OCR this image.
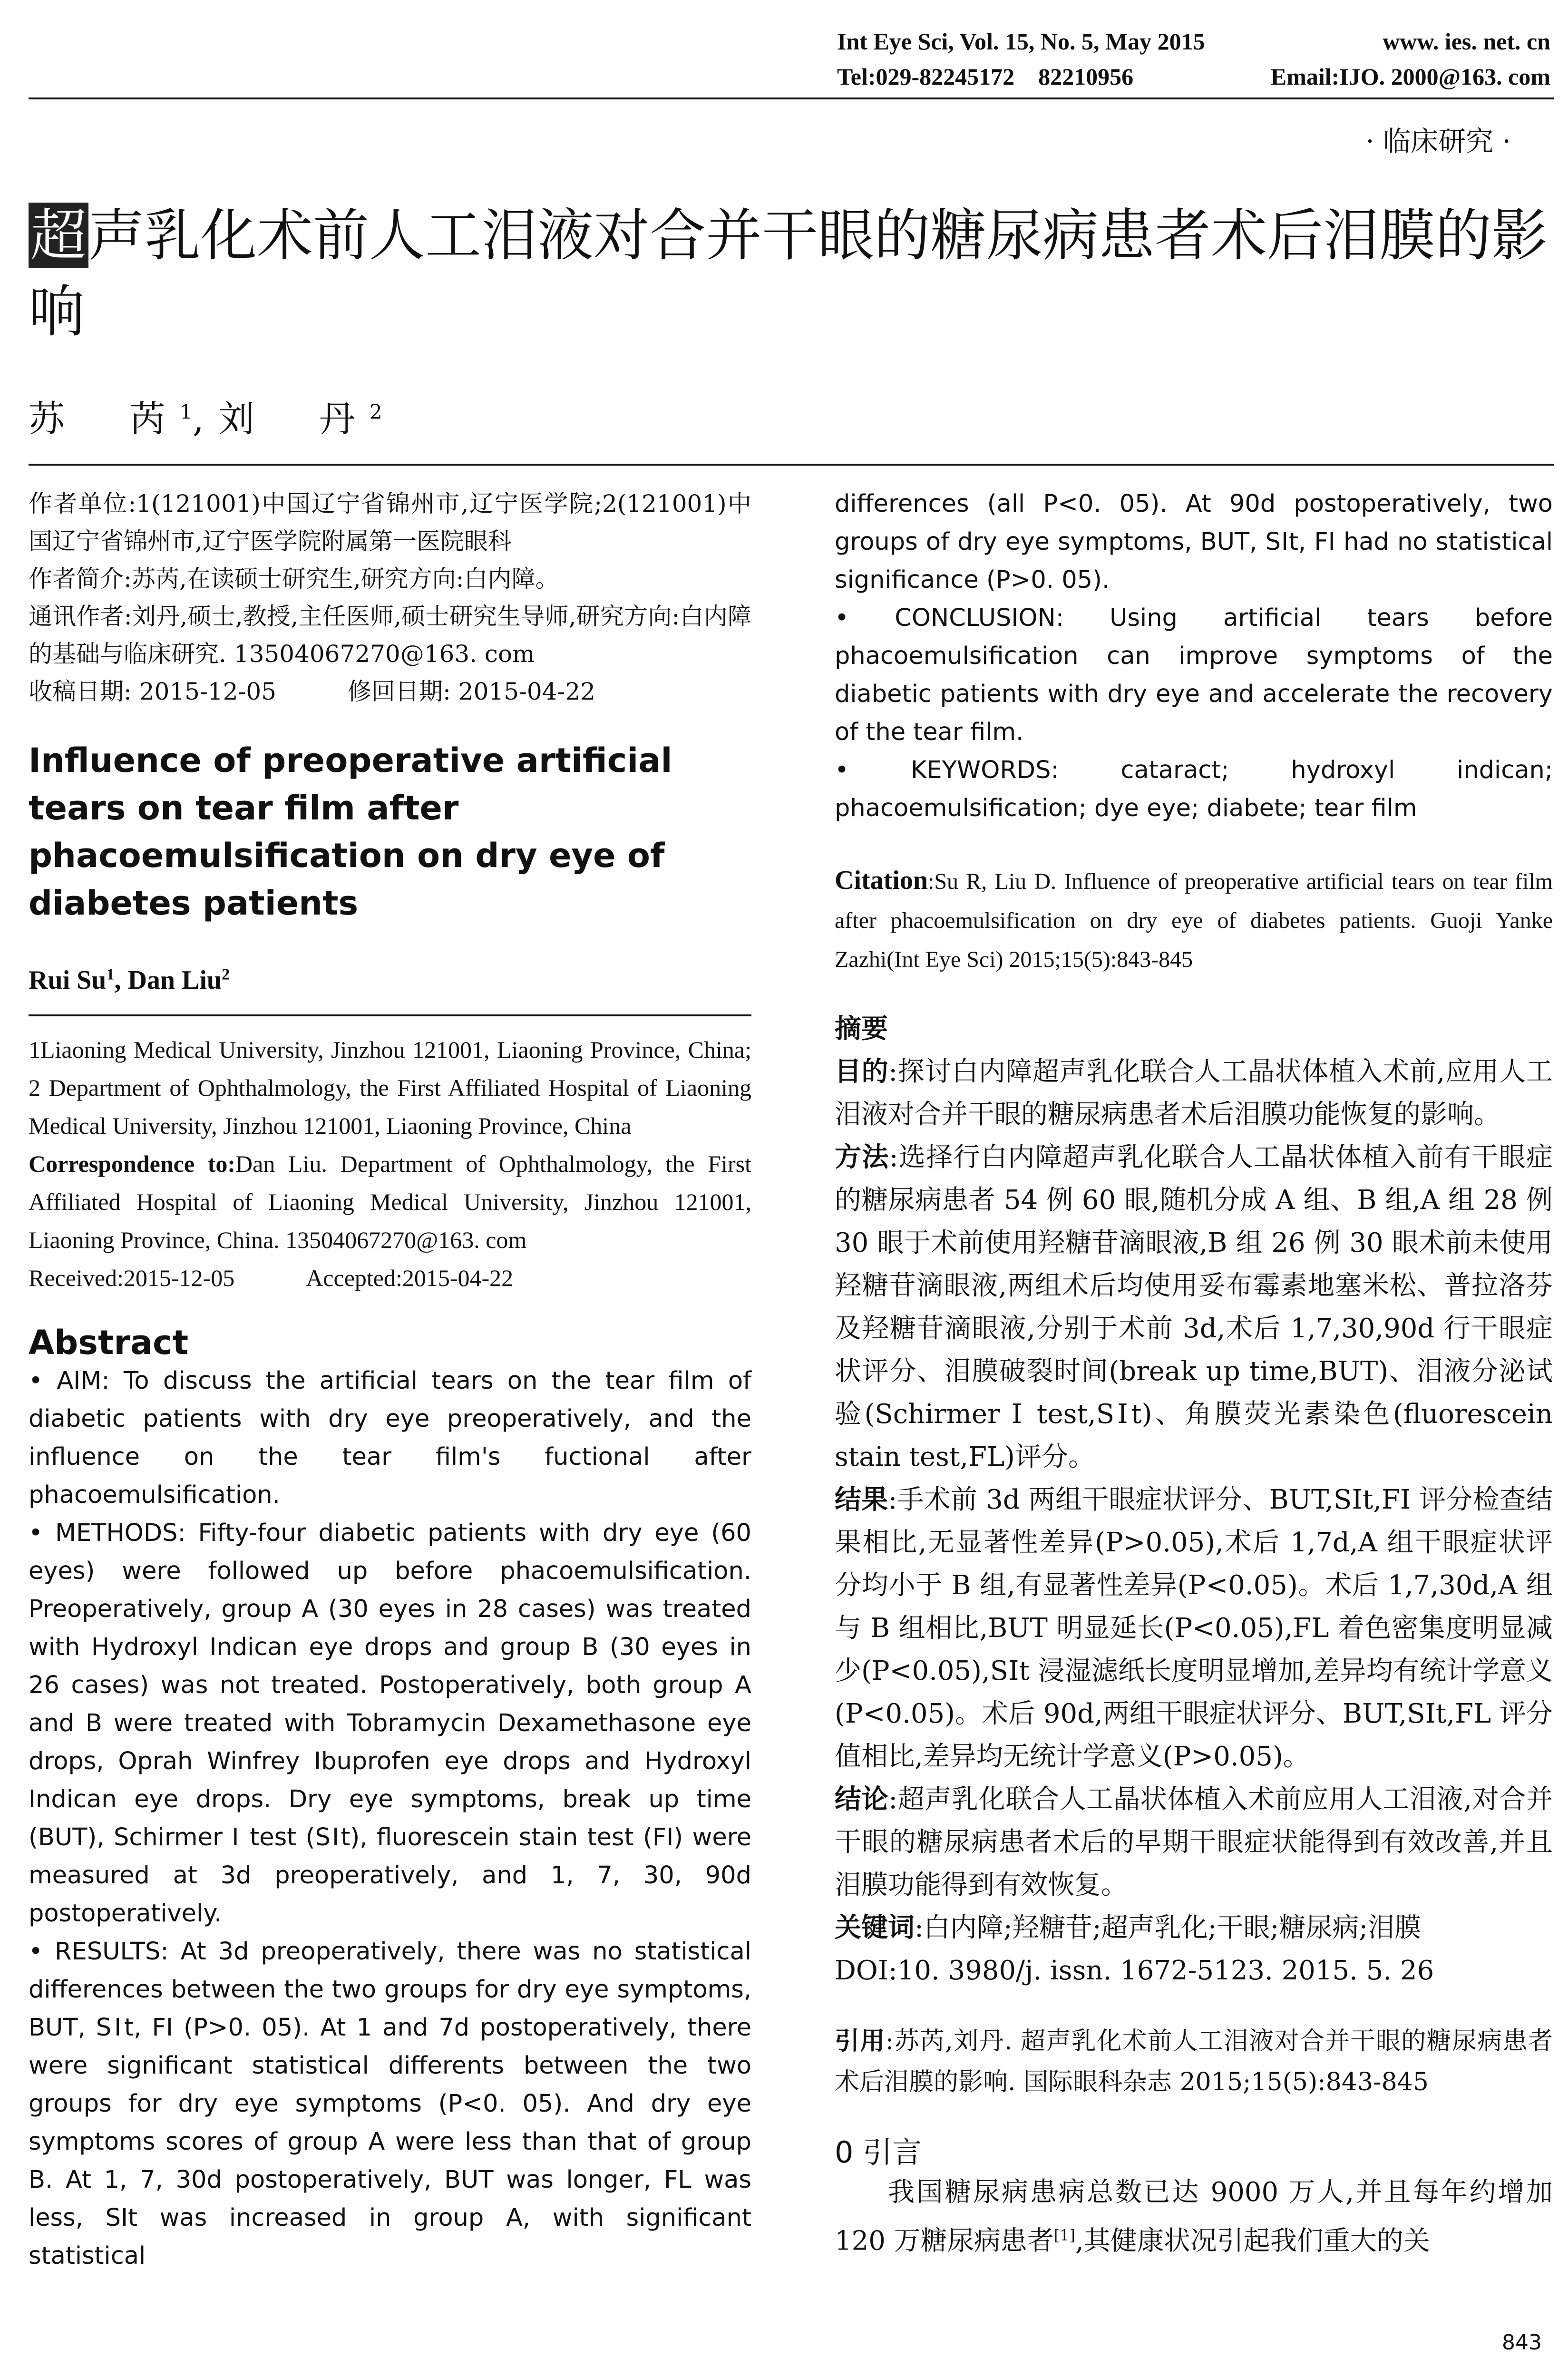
Int Eye Sci, Vol. 15, No. 5, May 2015	www. ies. net. cn
Tel:029-82245172　82210956	Email:IJO. 2000@163. com
· 临床研究 ·
超声乳化术前人工泪液对合并干眼的糖尿病患者术后泪膜的影响
苏　芮$^1$,刘　丹$^2$
作者单位:1(121001)中国辽宁省锦州市,辽宁医学院;2(121001)中国辽宁省锦州市,辽宁医学院附属第一医院眼科
作者简介:苏芮,在读硕士研究生,研究方向:白内障。
通讯作者:刘丹,硕士,教授,主任医师,硕士研究生导师,研究方向:白内障的基础与临床研究. 13504067270@163. com
收稿日期: 2015-12-05　　　修回日期: 2015-04-22
Influence of preoperative artificial tears on tear film after phacoemulsification on dry eye of diabetes patients
Rui Su$^1$, Dan Liu$^2$
1Liaoning Medical University, Jinzhou 121001, Liaoning Province, China; 2 Department of Ophthalmology, the First Affiliated Hospital of Liaoning Medical University, Jinzhou 121001, Liaoning Province, China
Correspondence to:Dan Liu. Department of Ophthalmology, the First Affiliated Hospital of Liaoning Medical University, Jinzhou 121001, Liaoning Province, China. 13504067270@163. com
Received:2015-12-05　　　Accepted:2015-04-22
Abstract

• AIM: To discuss the artificial tears on the tear film of diabetic patients with dry eye preoperatively, and the influence on the tear film's fuctional after phacoemulsification.

• METHODS: Fifty-four diabetic patients with dry eye (60 eyes) were followed up before phacoemulsification. Preoperatively, group A (30 eyes in 28 cases) was treated with Hydroxyl Indican eye drops and group B (30 eyes in 26 cases) was not treated. Postoperatively, both group A and B were treated with Tobramycin Dexamethasone eye drops, Oprah Winfrey Ibuprofen eye drops and Hydroxyl Indican eye drops. Dry eye symptoms, break up time (BUT), Schirmer Ⅰ test (SⅠt), fluorescein stain test (FI) were measured at 3d preoperatively, and 1, 7, 30, 90d postoperatively.

• RESULTS: At 3d preoperatively, there was no statistical differences between the two groups for dry eye symptoms, BUT, SⅠt, FI (P>0. 05). At 1 and 7d postoperatively, there were significant statistical differents between the two groups for dry eye symptoms (P<0. 05). And dry eye symptoms scores of group A were less than that of group B. At 1, 7, 30d postoperatively, BUT was longer, FL was less, SIt was increased in group A, with significant statistical

differences (all P<0. 05). At 90d postoperatively, two groups of dry eye symptoms, BUT, SⅠt, FI had no statistical significance (P>0. 05).

• CONCLUSION: Using artificial tears before phacoemulsification can improve symptoms of the diabetic patients with dry eye and accelerate the recovery of the tear film.

• KEYWORDS: cataract; hydroxyl indican; phacoemulsification; dye eye; diabete; tear film

Citation:Su R, Liu D. Influence of preoperative artificial tears on tear film after phacoemulsification on dry eye of diabetes patients. Guoji Yanke Zazhi(Int Eye Sci) 2015;15(5):843-845

摘要

目的:探讨白内障超声乳化联合人工晶状体植入术前,应用人工泪液对合并干眼的糖尿病患者术后泪膜功能恢复的影响。

方法:选择行白内障超声乳化联合人工晶状体植入前有干眼症的糖尿病患者 54 例 60 眼,随机分成 A 组、B 组,A 组 28 例 30 眼于术前使用羟糖苷滴眼液,B 组 26 例 30 眼术前未使用羟糖苷滴眼液,两组术后均使用妥布霉素地塞米松、普拉洛芬及羟糖苷滴眼液,分别于术前 3d,术后 1,7,30,90d 行干眼症状评分、泪膜破裂时间(break up time,BUT)、泪液分泌试验(Schirmer Ⅰ test,SⅠt)、角膜荧光素染色(fluorescein stain test,FL)评分。

结果:手术前 3d 两组干眼症状评分、BUT,SⅠt,FI 评分检查结果相比,无显著性差异(P>0.05),术后 1,7d,A 组干眼症状评分均小于 B 组,有显著性差异(P<0.05)。术后 1,7,30d,A 组与 B 组相比,BUT 明显延长(P<0.05),FL 着色密集度明显减少(P<0.05),SⅠt 浸湿滤纸长度明显增加,差异均有统计学意义(P<0.05)。术后 90d,两组干眼症状评分、BUT,SⅠt,FL 评分值相比,差异均无统计学意义(P>0.05)。

结论:超声乳化联合人工晶状体植入术前应用人工泪液,对合并干眼的糖尿病患者术后的早期干眼症状能得到有效改善,并且泪膜功能得到有效恢复。

关键词:白内障;羟糖苷;超声乳化;干眼;糖尿病;泪膜

DOI:10. 3980/j. issn. 1672-5123. 2015. 5. 26

引用:苏芮,刘丹. 超声乳化术前人工泪液对合并干眼的糖尿病患者术后泪膜的影响. 国际眼科杂志 2015;15(5):843-845
0 引言
我国糖尿病患病总数已达 9000 万人,并且每年约增加 120 万糖尿病患者[1],其健康状况引起我们重大的关
843
